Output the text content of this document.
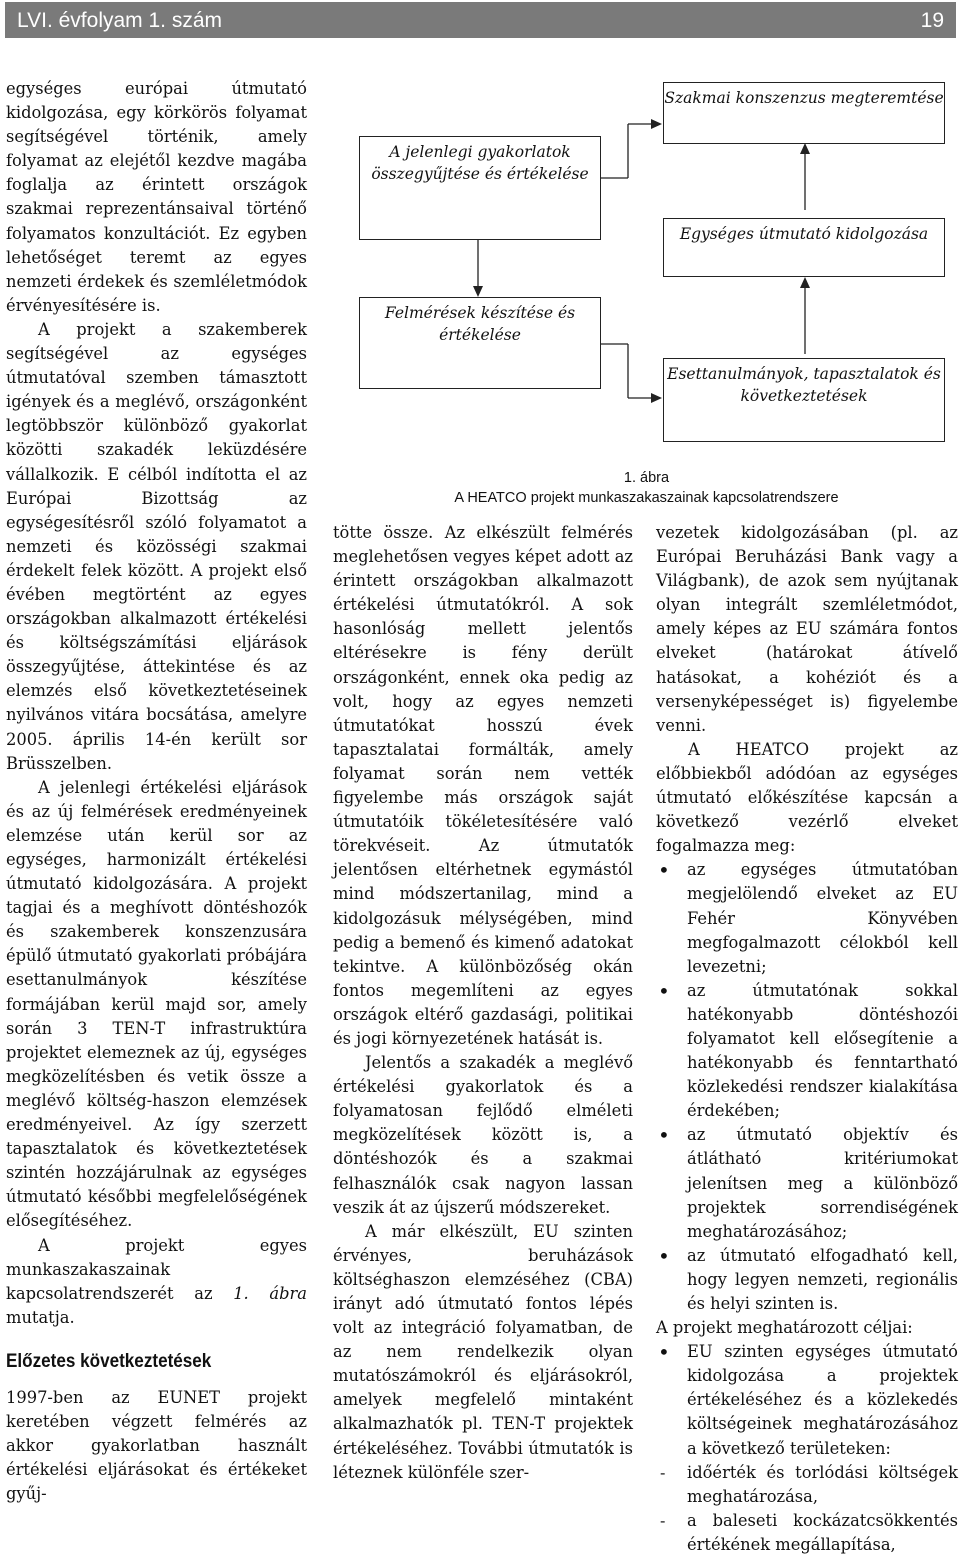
LVI. évfolyam 1. szám	19

egységes európai útmutató kidolgozása, egy körkörös folyamat segítségével történik, amely folyamat az elejétől kezdve magába foglalja az érintett országok szakmai reprezentánsaival történő folyamatos konzultációt. Ez egyben lehetőséget teremt az egyes nemzeti érdekek és szemléletmódok érvényesítésére is.

A projekt a szakemberek segítségével az egységes útmutatóval szemben támasztott igények és a meglévő, országonként legtöbbször különböző gyakorlat közötti szakadék leküzdésére vállalkozik. E célból indította el az Európai Bizottság az egységesítésről szóló folyamatot a nemzeti és közösségi szakmai érdekelt felek között. A projekt első évében megtörtént az egyes országokban alkalmazott értékelési és költségszámítási eljárások összegyűjtése, áttekintése és az elemzés első következtetéseinek nyilvános vitára bocsátása, amelyre 2005. április 14-én került sor Brüsszelben.

A jelenlegi értékelési eljárások és az új felmérések eredményeinek elemzése után kerül sor az egységes, harmonizált értékelési útmutató kidolgozására. A projekt tagjai és a meghívott döntéshozók és szakemberek konszenzusára épülő útmutató gyakorlati próbájára esettanulmányok készítése formájában kerül majd sor, amely során 3 TEN-T infrastruktúra projektet elemeznek az új, egységes megközelítésben és vetik össze a meglévő költség-haszon elemzések eredményeivel. Az így szerzett tapasztalatok és következtetések szintén hozzájárulnak az egységes útmutató későbbi megfelelőségének elősegítéséhez.

A projekt egyes munkaszakaszainak kapcsolatrendszerét az 1. ábra mutatja.

Előzetes következtetések

1997-ben az EUNET projekt keretében végzett felmérés az akkor gyakorlatban használt értékelési eljárásokat és értékeket gyűj-

A jelenlegi gyakorlatok összegyűjtése és értékelése
Felmérések készítése és értékelése
Szakmai konszenzus megteremtése
Egységes útmutató kidolgozása
Esettanulmányok, tapasztalatok és következtetések
1. ábra
A HEATCO projekt munkaszakaszainak kapcsolatrendszere

tötte össze. Az elkészült felmérés meglehetősen vegyes képet adott az érintett országokban alkalmazott értékelési útmutatókról. A sok hasonlóság mellett jelentős eltérésekre is fény derült országonként, ennek oka pedig az volt, hogy az egyes nemzeti útmutatókat hosszú évek tapasztalatai formálták, amely folyamat során nem vették figyelembe más országok saját útmutatóik tökéletesítésére való törekvéseit. Az útmutatók jelentősen eltérhetnek egymástól mind módszertanilag, mind a kidolgozásuk mélységében, mind pedig a bemenő és kimenő adatokat tekintve. A különbözőség okán fontos megemlíteni az egyes országok eltérő gazdasági, politikai és jogi környezetének hatását is.

Jelentős a szakadék a meglévő értékelési gyakorlatok és a folyamatosan fejlődő elméleti megközelítések között is, a döntéshozók és a szakmai felhasználók csak nagyon lassan veszik át az újszerű módszereket.

A már elkészült, EU szinten érvényes, beruházások költséghaszon elemzéséhez (CBA) irányt adó útmutató fontos lépés volt az integráció folyamatban, de az nem rendelkezik olyan mutatószámokról és eljárásokról, amelyek megfelelő mintaként alkalmazhatók pl. TEN-T projektek értékeléséhez. További útmutatók is léteznek különféle szer-

vezetek kidolgozásában (pl. az Európai Beruházási Bank vagy a Világbank), de azok sem nyújtanak olyan integrált szemléletmódot, amely képes az EU számára fontos elveket (határokat átívelő hatásokat, a kohéziót és a versenyképességet is) figyelembe venni.

A HEATCO projekt az előbbiekből adódóan az egységes útmutató előkészítése kapcsán a következő vezérlő elveket fogalmazza meg:

• az egységes útmutatóban megjelölendő elveket az EU Fehér Könyvében megfogalmazott célokból kell levezetni;
• az útmutatónak sokkal hatékonyabb döntéshozói folyamatot kell elősegítenie a hatékonyabb és fenntartható közlekedési rendszer kialakítása érdekében;
• az útmutató objektív és átlátható kritériumokat jelenítsen meg a különböző projektek sorrendiségének meghatározásához;
• az útmutató elfogadható kell, hogy legyen nemzeti, regionális és helyi szinten is.

A projekt meghatározott céljai:

• EU szinten egységes útmutató kidolgozása a projektek értékeléséhez és a közlekedés költségeinek meghatározásához a következő területeken:
- időérték és torlódási költségek meghatározása,
- a baleseti kockázatcsökkentés értékének megállapítása,
